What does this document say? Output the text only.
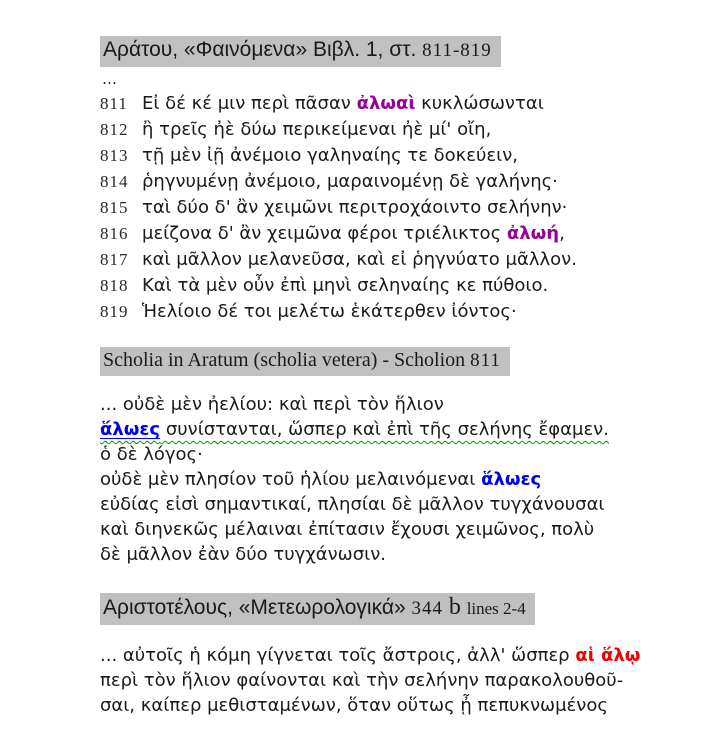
Αράτου, «Φαινόμενα» Βιβλ. 1, στ. 811-819
…
811 Εἰ δέ κέ μιν περὶ πᾶσαν ἀλωαὶ κυκλώσωνται
812 ἢ τρεῖς ἠὲ δύω περικείμεναι ἠὲ μί' οἴη,
813 τῇ μὲν ἰῇ ἀνέμοιο γαληναίης τε δοκεύειν,
814 ῥηγνυμένῃ ἀνέμοιο, μαραινομένῃ δὲ γαλήνης·
815 ταὶ δύο δ' ἂν χειμῶνι περιτροχάοιντο σελήνην·
816 μείζονα δ' ἂν χειμῶνα φέροι τριέλικτος ἀλωή,
817 καὶ μᾶλλον μελανεῦσα, καὶ εἰ ῥηγνύατο μᾶλλον.
818 Καὶ τὰ μὲν οὖν ἐπὶ μηνὶ σεληναίης κε πύθοιο.
819 Ἡελίοιο δέ τοι μελέτω ἑκάτερθεν ἰόντος·
Scholia in Aratum (scholia vetera) - Scholion 811
... οὐδὲ μὲν ἠελίου: καὶ περὶ τὸν ἥλιον
ἅλωες συνίστανται, ὥσπερ καὶ ἐπὶ τῆς σελήνης ἔφαμεν.
ὁ δὲ λόγος·
οὐδὲ μὲν πλησίον τοῦ ἡλίου μελαινόμεναι ἅλωες
εὐδίας εἰσὶ σημαντικαί, πλησίαι δὲ μᾶλλον τυγχάνουσαι
καὶ διηνεκῶς μέλαιναι ἐπίτασιν ἔχουσι χειμῶνος, πολὺ
δὲ μᾶλλον ἐὰν δύο τυγχάνωσιν.
Αριστοτέλους, «Μετεωρολογικά» 344 b lines 2-4
... αὐτοῖς ἡ κόμη γίγνεται τοῖς ἄστροις, ἀλλ' ὥσπερ αἱ ἅλῳ
περὶ τὸν ἥλιον φαίνονται καὶ τὴν σελήνην παρακολουθοῦ-
σαι, καίπερ μεθισταμένων, ὅταν οὕτως ᾖ πεπυκνωμένος
